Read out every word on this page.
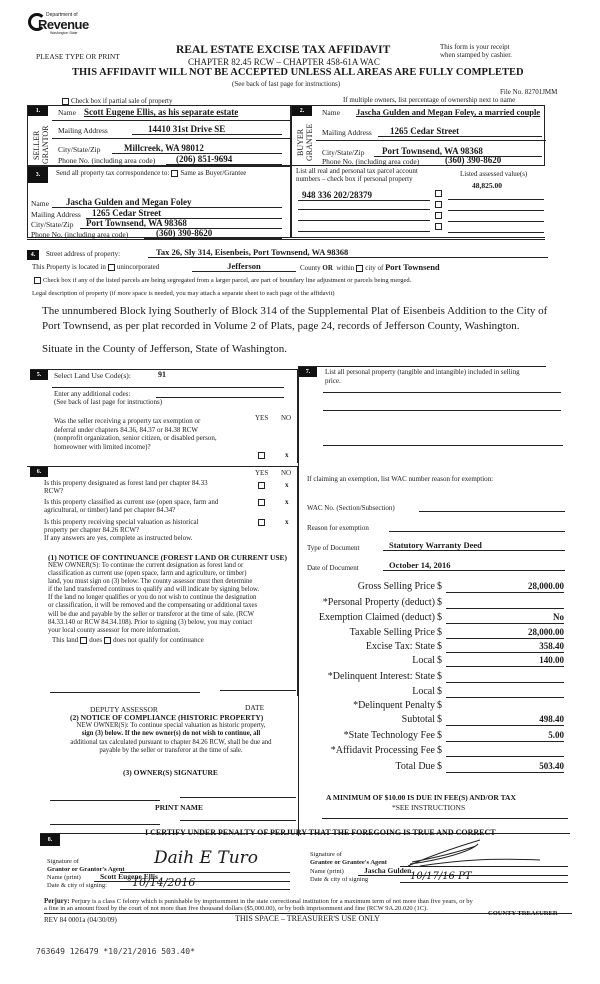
Department of
Revenue
Washington State
PLEASE TYPE OR PRINT
REAL ESTATE EXCISE TAX AFFIDAVIT
CHAPTER 82.45 RCW – CHAPTER 458-61A WAC
This form is your receipt
when stamped by cashier.
THIS AFFIDAVIT WILL NOT BE ACCEPTED UNLESS ALL AREAS ARE FULLY COMPLETED
(See back of last page for instructions)
File No. 82701JMM
Check box if partial sale of property	If multiple owners, list percentage of ownership next to name
1.
SELLER
GRANTOR
Name Scott Eugene Ellis, as his separate estate
Mailing Address	14410 31st Drive SE
City/State/Zip	Millcreek, WA 98012
Phone No. (including area code)	(206) 851-9694
2.
BUYER
GRANTEE
Name Jascha Gulden and Megan Foley, a married couple
Mailing Address	1265 Cedar Street
City/State/Zip	Port Townsend, WA 98368
Phone No. (including area code)	(360) 390-8620
3.	Send all property tax correspondence to: Same as Buyer/Grantee
Name	Jascha Gulden and Megan Foley
Mailing Address	1265 Cedar Street
City/State/Zip	Port Townsend, WA 98368
Phone No. (including area code)	(360) 390-8620
List all real and personal tax parcel account
numbers – check box if personal property
Listed assessed value(s)
48,825.00
948 336 202/28379
4.	Street address of property:	Tax 26, Sly 314, Eisenbeis, Port Townsend, WA 98368
This Property is located in unincorporated	Jefferson	County OR within city of Port Townsend
Check box if any of the listed parcels are being segregated from a larger parcel, are part of boundary line adjustment or parcels being merged.
Legal description of property (if more space is needed, you may attach a separate sheet to each page of the affidavit)
The unnumbered Block lying Southerly of Block 314 of the Supplemental Plat of Eisenbeis Addition to the City of
Port Townsend, as per plat recorded in Volume 2 of Plats, page 24, records of Jefferson County, Washington.
Situate in the County of Jefferson, State of Washington.
5.	Select Land Use Code(s):	91
Enter any additional codes:
(See back of last page for instructions)
YES NO
Was the seller receiving a property tax exemption or
deferral under chapters 84.36, 84.37 or 84.38 RCW
(nonprofit organization, senior citizen, or disabled person,
homeowner with limited income)?
x
6.	YES NO
Is this property designated as forest land per chapter 84.33
RCW?
x
Is this property classified as current use (open space, farm and
agricultural, or timber) land per chapter 84.34?
x
Is this property receiving special valuation as historical
property per chapter 84.26 RCW?
If any answers are yes, complete as instructed below.
x
(1) NOTICE OF CONTINUANCE (FOREST LAND OR CURRENT USE)
NEW OWNER(S): To continue the current designation as forest land or
classification as current use (open space, farm and agriculture, or timber)
land, you must sign on (3) below. The county assessor must then determine
if the land transferred continues to qualify and will indicate by signing below.
If the land no longer qualifies or you do not wish to continue the designation
or classification, it will be removed and the compensating or additional taxes
will be due and payable by the seller or transferor at the time of sale. (RCW
84.33.140 or RCW 84.34.108). Prior to signing (3) below, you may contact
your local county assessor for more information.
This land does does not qualify for continuance
DEPUTY ASSESSOR	DATE
(2) NOTICE OF COMPLIANCE (HISTORIC PROPERTY)
NEW OWNER(S): To continue special valuation as historic property,
sign (3) below. If the new owner(s) do not wish to continue, all
additional tax calculated pursuant to chapter 84.26 RCW, shall be due and
payable by the seller or transferor at the time of sale.
(3) OWNER(S) SIGNATURE
PRINT NAME
7.	List all personal property (tangible and intangible) included in selling
price.
If claiming an exemption, list WAC number reason for exemption:
WAC No. (Section/Subsection)
Reason for exemption
Type of Document	Statutory Warranty Deed
Date of Document	October 14, 2016
Gross Selling Price $	28,000.00
*Personal Property (deduct) $
Exemption Claimed (deduct) $	No
Taxable Selling Price $	28,000.00
Excise Tax: State $	358.40
Local $	140.00
*Delinquent Interest: State $
Local $
*Delinquent Penalty $
Subtotal $	498.40
*State Technology Fee $	5.00
*Affidavit Processing Fee $
Total Due $	503.40
A MINIMUM OF $10.00 IS DUE IN FEE(S) AND/OR TAX
*SEE INSTRUCTIONS
8.
I CERTIFY UNDER PENALTY OF PERJURY THAT THE FOREGOING IS TRUE AND CORRECT
Signature of
Grantor or Grantor's Agent
Daih E Turo
Name (print)	Scott Eugene Ellis
Date & city of signing:	10/14/2016
Signature of
Grantee or Grantee's Agent
Name (print)	Jascha Gulden
Date & city of signing	10/17/16 PT
Perjury: Perjury is a class C felony which is punishable by imprisonment in the state correctional institution for a maximum term of not more than five years, or by
a fine in an amount fixed by the court of not more than five thousand dollars ($5,000.00), or by both imprisonment and fine (RCW 9A.20.020 (1C).
REV 84 0001a (04/30/09)	THIS SPACE – TREASURER'S USE ONLY
COUNTY TREASURER
763649 126479 *10/21/2016 503.40*
